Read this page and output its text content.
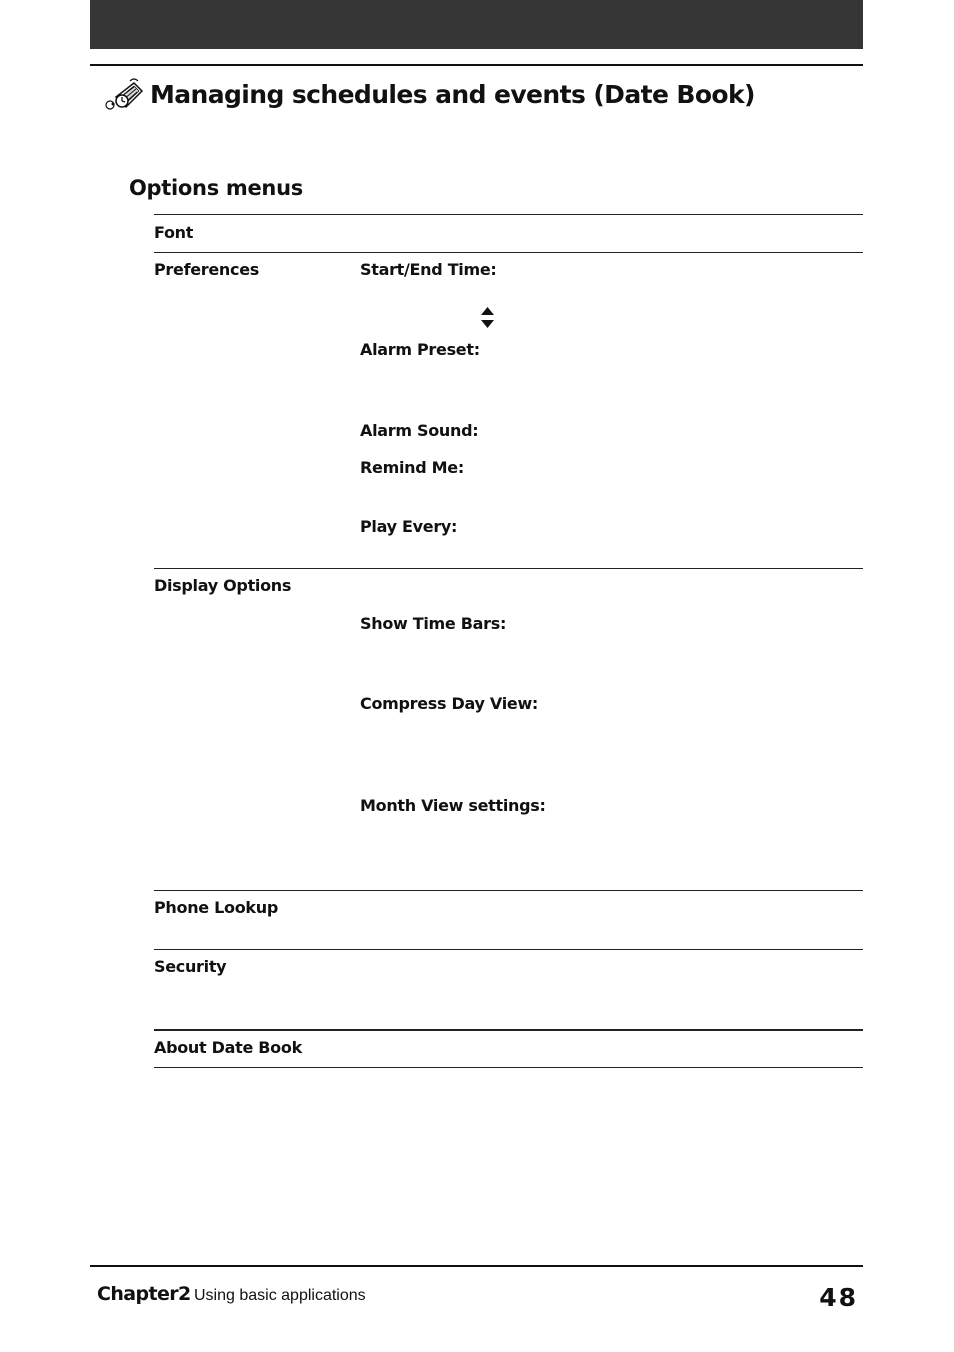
Managing schedules and events (Date Book)
Options menus
Font
Preferences	Start/End Time:
Alarm Preset:
Alarm Sound:
Remind Me:
Play Every:
Display Options
Show Time Bars:
Compress Day View:
Month View settings:
Phone Lookup
Security
About Date Book
Chapter2 Using basic applications	48
